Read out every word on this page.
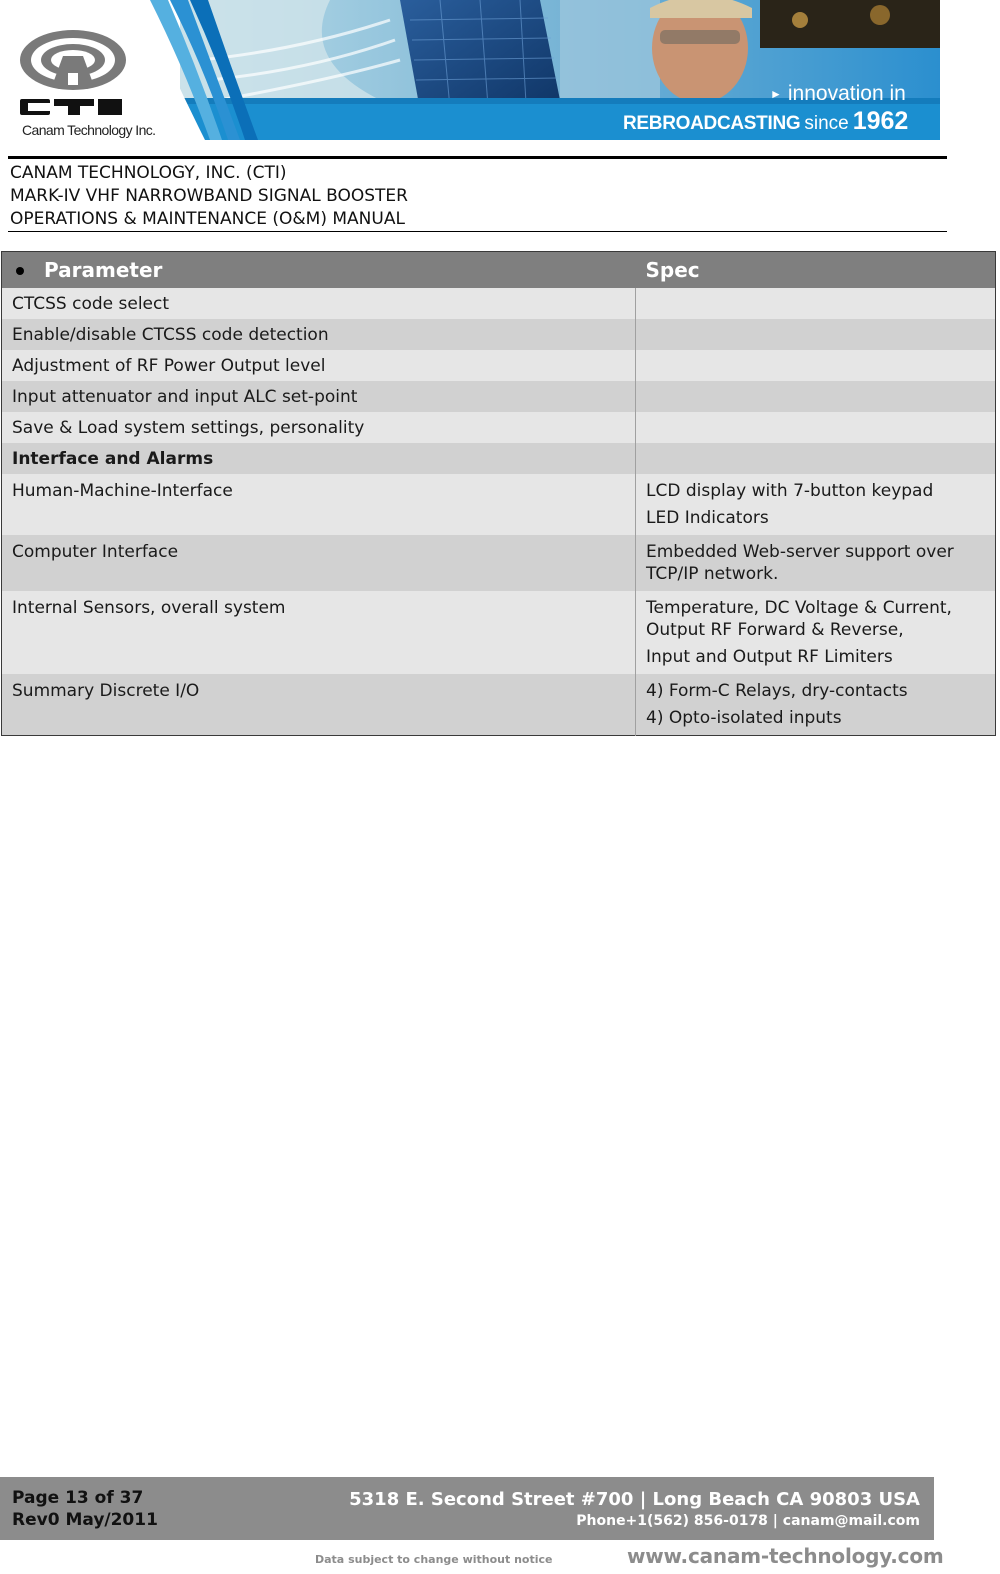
Canam Technology Inc.
► innovation in
REBROADCASTING since 1962
CANAM TECHNOLOGY, INC. (CTI)
MARK-IV VHF NARROWBAND SIGNAL BOOSTER
OPERATIONS & MAINTENANCE (O&M) MANUAL
Parameter	Spec
CTCSS code select	
Enable/disable CTCSS code detection	
Adjustment of RF Power Output level	
Input attenuator and input ALC set-point	
Save & Load system settings, personality	
Interface and Alarms	
Human-Machine-Interface	LCD display with 7-button keypad
LED Indicators

Computer Interface	Embedded Web-server support over TCP/IP network.

Internal Sensors, overall system	Temperature, DC Voltage & Current, Output RF Forward & Reverse,
Input and Output RF Limiters

Summary Discrete I/O	4) Form-C Relays, dry-contacts
4) Opto-isolated inputs
Page 13 of 37
Rev0 May/2011
5318 E. Second Street #700 | Long Beach CA 90803 USA
Phone+1(562) 856-0178 | canam@mail.com
Data subject to change without notice	www.canam-technology.com
